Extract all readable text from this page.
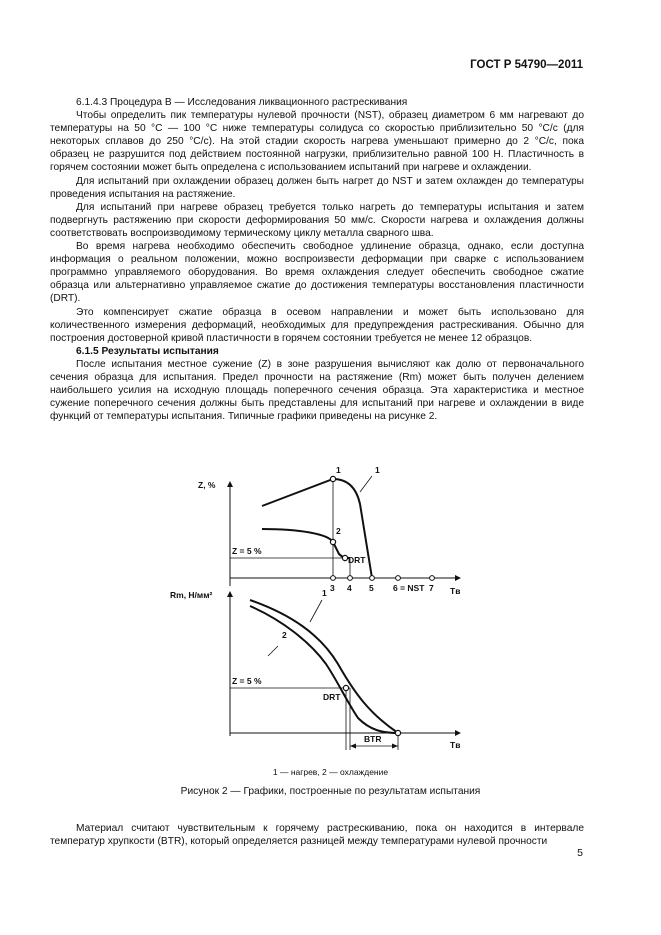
ГОСТ Р 54790—2011

6.1.4.3 Процедура В — Исследования ликвационного растрескивания

Чтобы определить пик температуры нулевой прочности (NST), образец диаметром 6 мм нагревают до температуры на 50 °С — 100 °С ниже температуры солидуса со скоростью приблизительно 50 °С/с (для некоторых сплавов до 250 °С/с). На этой стадии скорость нагрева уменьшают примерно до 2 °С/с, пока образец не разрушится под действием постоянной нагрузки, приблизительно равной 100 Н. Пластичность в горячем состоянии может быть определена с использованием испытаний при нагреве и охлаждении.

Для испытаний при охлаждении образец должен быть нагрет до NST и затем охлажден до температуры проведения испытания на растяжение.

Для испытаний при нагреве образец требуется только нагреть до температуры испытания и затем подвергнуть растяжению при скорости деформирования 50 мм/с. Скорости нагрева и охлаждения должны соответствовать воспроизводимому термическому циклу металла сварного шва.

Во время нагрева необходимо обеспечить свободное удлинение образца, однако, если доступна информация о реальном положении, можно воспроизвести деформации при сварке с использованием программно управляемого оборудования. Во время охлаждения следует обеспечить свободное сжатие образца или альтернативно управляемое сжатие до достижения температуры восстановления пластичности (DRT).

Это компенсирует сжатие образца в осевом направлении и может быть использовано для количественного измерения деформаций, необходимых для предупреждения растрескивания. Обычно для построения достоверной кривой пластичности в горячем состоянии требуется не менее 12 образцов.

6.1.5 Результаты испытания

После испытания местное сужение (Z) в зоне разрушения вычисляют как долю от первоначального сечения образца для испытания. Предел прочности на растяжение (Rm) может быть получен делением наибольшего усилия на исходную площадь поперечного сечения образца. Эта характеристика и местное сужение поперечного сечения должны быть представлены для испытаний при нагреве и охлаждении в виде функций от температуры испытания. Типичные графики приведены на рисунке 2.

Z, %
Tв
Z = 5 %
1
2
DRT
1
3 4 5 6 = NST 7
Rm, Н/мм²
Tв
Z = 5 %
DRT
1
2
BTR
1 — нагрев, 2 — охлаждение
Рисунок 2 — Графики, построенные по результатам испытания

Материал считают чувствительным к горячему растрескиванию, пока он находится в интервале температур хрупкости (BTR), который определяется разницей между температурами нулевой прочности

5
